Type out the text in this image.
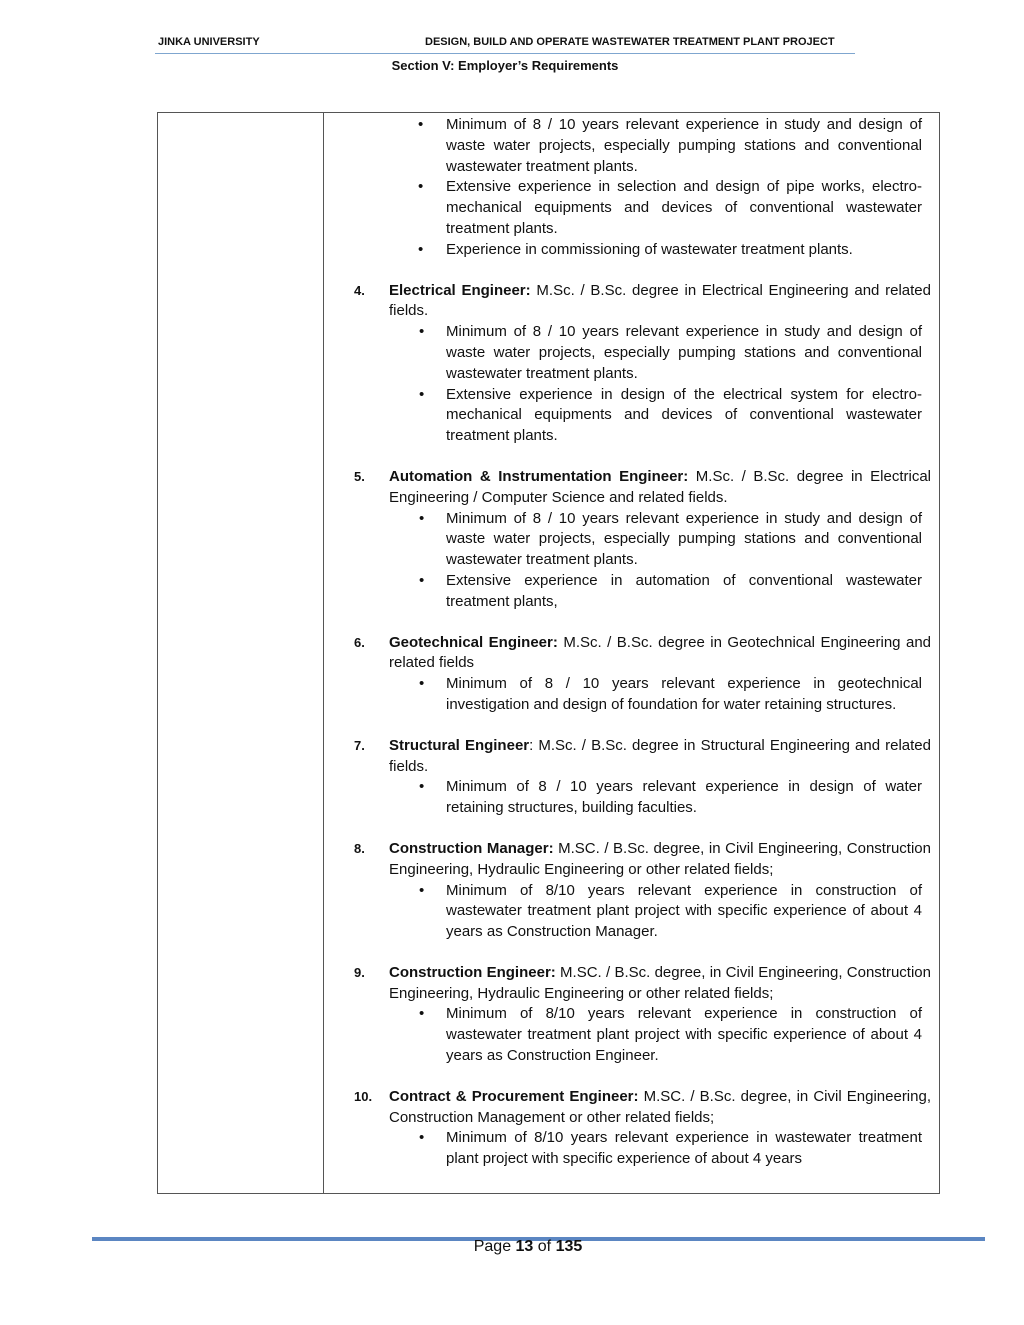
JINKA UNIVERSITY	DESIGN, BUILD AND OPERATE WASTEWATER TREATMENT PLANT PROJECT
Section V: Employer’s Requirements
• Minimum of 8 / 10 years relevant experience in study and design of waste water projects, especially pumping stations and conventional wastewater treatment plants.
• Extensive experience in selection and design of pipe works, electro- mechanical equipments and devices of conventional wastewater treatment plants.
• Experience in commissioning of wastewater treatment plants.
4.	Electrical Engineer: M.Sc. / B.Sc. degree in Electrical Engineering and related fields.
• Minimum of 8 / 10 years relevant experience in study and design of waste water projects, especially pumping stations and conventional wastewater treatment plants.
• Extensive experience in design of the electrical system for electro-mechanical equipments and devices of conventional wastewater treatment plants.
5.	Automation & Instrumentation Engineer: M.Sc. / B.Sc. degree in Electrical Engineering / Computer Science and related fields.
• Minimum of 8 / 10 years relevant experience in study and design of waste water projects, especially pumping stations and conventional wastewater treatment plants.
• Extensive experience in automation of conventional wastewater treatment plants,
6.	Geotechnical Engineer: M.Sc. / B.Sc. degree in Geotechnical Engineering and related fields
• Minimum of 8 / 10 years relevant experience in geotechnical investigation and design of foundation for water retaining structures.
7.	Structural Engineer: M.Sc. / B.Sc. degree in Structural Engineering and related fields.
• Minimum of 8 / 10 years relevant experience in design of water retaining structures, building faculties.
8.	Construction Manager: M.SC. / B.Sc. degree, in Civil Engineering, Construction Engineering, Hydraulic Engineering or other related fields;
• Minimum of 8/10 years relevant experience in construction of wastewater treatment plant project with specific experience of about 4 years as Construction Manager.
9.	Construction Engineer: M.SC. / B.Sc. degree, in Civil Engineering, Construction Engineering, Hydraulic Engineering or other related fields;
• Minimum of 8/10 years relevant experience in construction of wastewater treatment plant project with specific experience of about 4 years as Construction Engineer.
10.	Contract & Procurement Engineer: M.SC. / B.Sc. degree, in Civil Engineering, Construction Management or other related fields;
• Minimum of 8/10 years relevant experience in wastewater treatment plant project with specific experience of about 4 years
Page 13 of 135
